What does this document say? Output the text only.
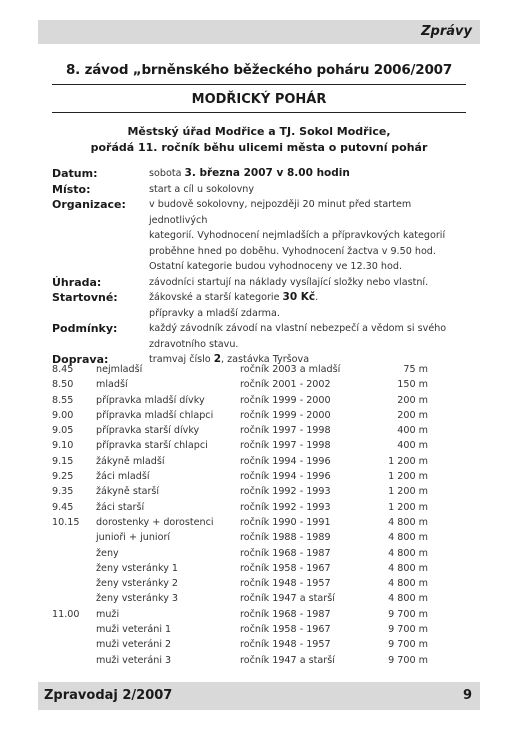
Zprávy
8. závod „brněnského běžeckého poháru 2006/2007
MODŘICKÝ POHÁR
Městský úřad Modřice a TJ. Sokol Modřice,
pořádá 11. ročník běhu ulicemi města o putovní pohár
Datum:	sobota 3. března 2007 v 8.00 hodin
Místo:	start a cíl u sokolovny
Organizace:	v budově sokolovny, nejpozději 20 minut před startem jednotlivých

kategorií. Vyhodnocení nejmladších a přípravkových kategorií

proběhne hned po doběhu. Vyhodnocení žactva v 9.50 hod.

Ostatní kategorie budou vyhodnoceny ve 12.30 hod.

Úhrada:	závodníci startují na náklady vysílající složky nebo vlastní.
Startovné:	žákovské a starší kategorie 30 Kč.

přípravky a mladší zdarma.

Podmínky:	každý závodník závodí na vlastní nebezpečí a vědom si svého

zdravotního stavu.

Doprava:	tramvaj číslo 2, zastávka Tyršova
8.45 nejmladší	ročník 2003 a mladší	75 m
8.50 mladší	ročník 2001 - 2002	150 m
8.55 přípravka mladší dívky	ročník 1999 - 2000	200 m
9.00 přípravka mladší chlapci	ročník 1999 - 2000	200 m
9.05 přípravka starší dívky	ročník 1997 - 1998	400 m
9.10 přípravka starší chlapci	ročník 1997 - 1998	400 m
9.15 žákyně mladší	ročník 1994 - 1996	1 200 m
9.25 žáci mladší	ročník 1994 - 1996	1 200 m
9.35 žákyně starší	ročník 1992 - 1993	1 200 m
9.45 žáci starší	ročník 1992 - 1993	1 200 m
10.15 dorostenky + dorostenci	ročník 1990 - 1991	4 800 m
junioři + juniorí	ročník 1988 - 1989	4 800 m
ženy	ročník 1968 - 1987	4 800 m
ženy vsteránky 1	ročník 1958 - 1967	4 800 m
ženy vsteránky 2	ročník 1948 - 1957	4 800 m
ženy vsteránky 3	ročník 1947 a starší	4 800 m
11.00 muži	ročník 1968 - 1987	9 700 m
muži veteráni 1	ročník 1958 - 1967	9 700 m
muži veteráni 2	ročník 1948 - 1957	9 700 m
muži veteráni 3	ročník 1947 a starší	9 700 m
Zpravodaj 2/2007	9
